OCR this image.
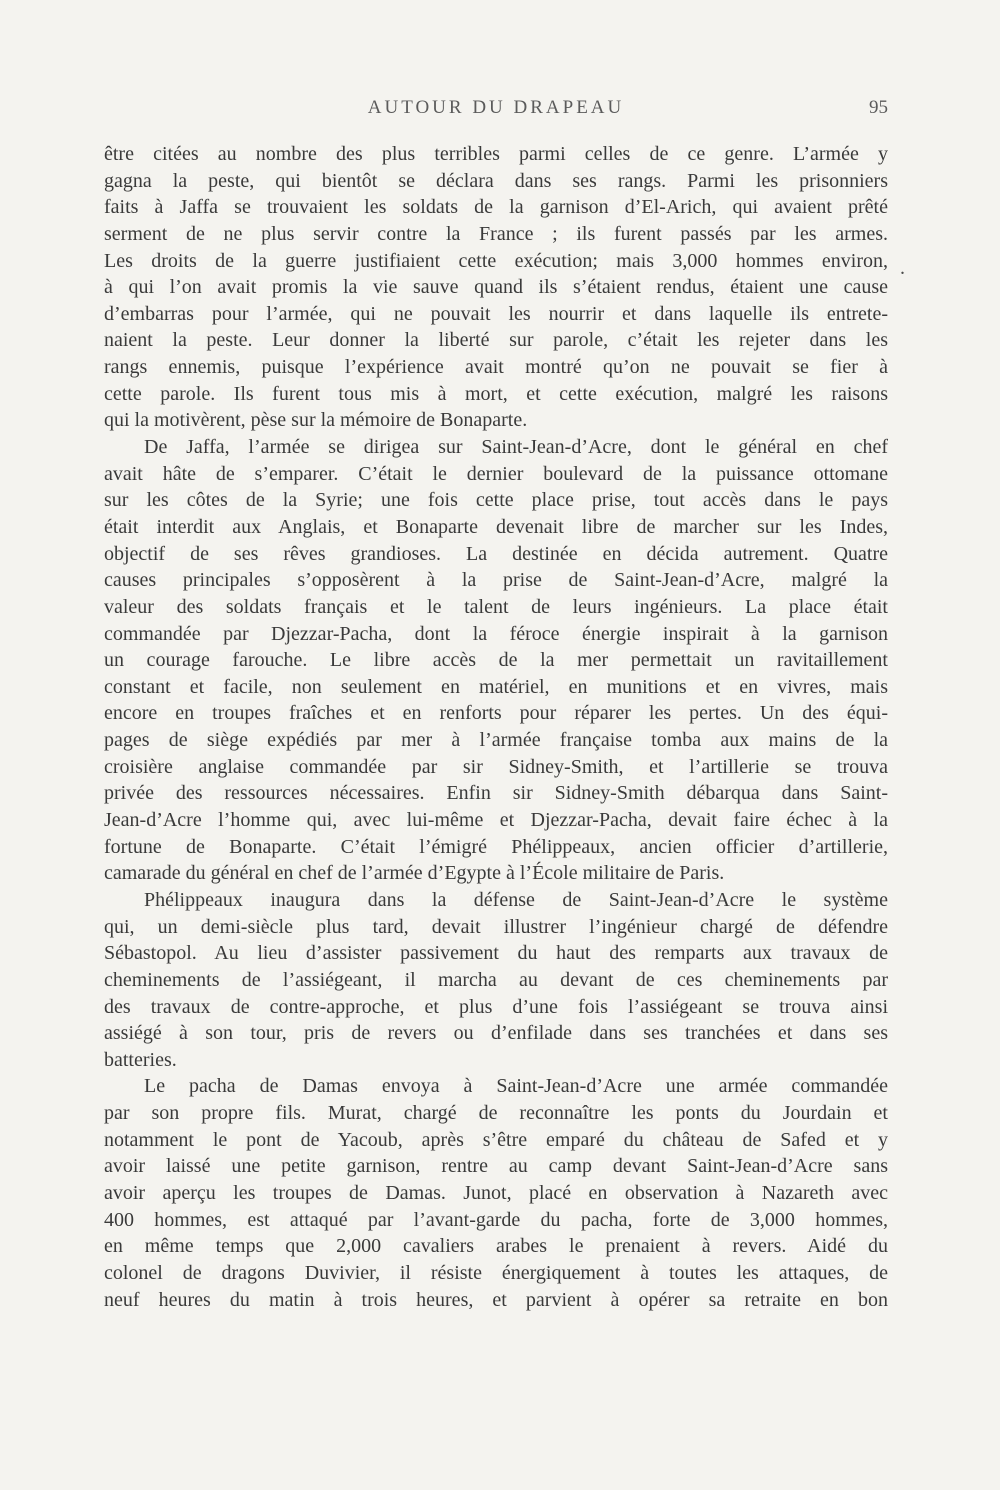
AUTOUR DU DRAPEAU	95
.
être citées au nombre des plus terribles parmi celles de ce genre. L’armée y
gagna la peste, qui bientôt se déclara dans ses rangs. Parmi les prisonniers
faits à Jaffa se trouvaient les soldats de la garnison d’El-Arich, qui avaient prêté
serment de ne plus servir contre la France ; ils furent passés par les armes.
Les droits de la guerre justifiaient cette exécution; mais 3,000 hommes environ,
à qui l’on avait promis la vie sauve quand ils s’étaient rendus, étaient une cause
d’embarras pour l’armée, qui ne pouvait les nourrir et dans laquelle ils entrete-
naient la peste. Leur donner la liberté sur parole, c’était les rejeter dans les
rangs ennemis, puisque l’expérience avait montré qu’on ne pouvait se fier à
cette parole. Ils furent tous mis à mort, et cette exécution, malgré les raisons
qui la motivèrent, pèse sur la mémoire de Bonaparte.
De Jaffa, l’armée se dirigea sur Saint-Jean-d’Acre, dont le général en chef
avait hâte de s’emparer. C’était le dernier boulevard de la puissance ottomane
sur les côtes de la Syrie; une fois cette place prise, tout accès dans le pays
était interdit aux Anglais, et Bonaparte devenait libre de marcher sur les Indes,
objectif de ses rêves grandioses. La destinée en décida autrement. Quatre
causes principales s’opposèrent à la prise de Saint-Jean-d’Acre, malgré la
valeur des soldats français et le talent de leurs ingénieurs. La place était
commandée par Djezzar-Pacha, dont la féroce énergie inspirait à la garnison
un courage farouche. Le libre accès de la mer permettait un ravitaillement
constant et facile, non seulement en matériel, en munitions et en vivres, mais
encore en troupes fraîches et en renforts pour réparer les pertes. Un des équi-
pages de siège expédiés par mer à l’armée française tomba aux mains de la
croisière anglaise commandée par sir Sidney-Smith, et l’artillerie se trouva
privée des ressources nécessaires. Enfin sir Sidney-Smith débarqua dans Saint-
Jean-d’Acre l’homme qui, avec lui-même et Djezzar-Pacha, devait faire échec à la
fortune de Bonaparte. C’était l’émigré Phélippeaux, ancien officier d’artillerie,
camarade du général en chef de l’armée d’Egypte à l’École militaire de Paris.
Phélippeaux inaugura dans la défense de Saint-Jean-d’Acre le système
qui, un demi-siècle plus tard, devait illustrer l’ingénieur chargé de défendre
Sébastopol. Au lieu d’assister passivement du haut des remparts aux travaux de
cheminements de l’assiégeant, il marcha au devant de ces cheminements par
des travaux de contre-approche, et plus d’une fois l’assiégeant se trouva ainsi
assiégé à son tour, pris de revers ou d’enfilade dans ses tranchées et dans ses
batteries.
Le pacha de Damas envoya à Saint-Jean-d’Acre une armée commandée
par son propre fils. Murat, chargé de reconnaître les ponts du Jourdain et
notamment le pont de Yacoub, après s’être emparé du château de Safed et y
avoir laissé une petite garnison, rentre au camp devant Saint-Jean-d’Acre sans
avoir aperçu les troupes de Damas. Junot, placé en observation à Nazareth avec
400 hommes, est attaqué par l’avant-garde du pacha, forte de 3,000 hommes,
en même temps que 2,000 cavaliers arabes le prenaient à revers. Aidé du
colonel de dragons Duvivier, il résiste énergiquement à toutes les attaques, de
neuf heures du matin à trois heures, et parvient à opérer sa retraite en bon
